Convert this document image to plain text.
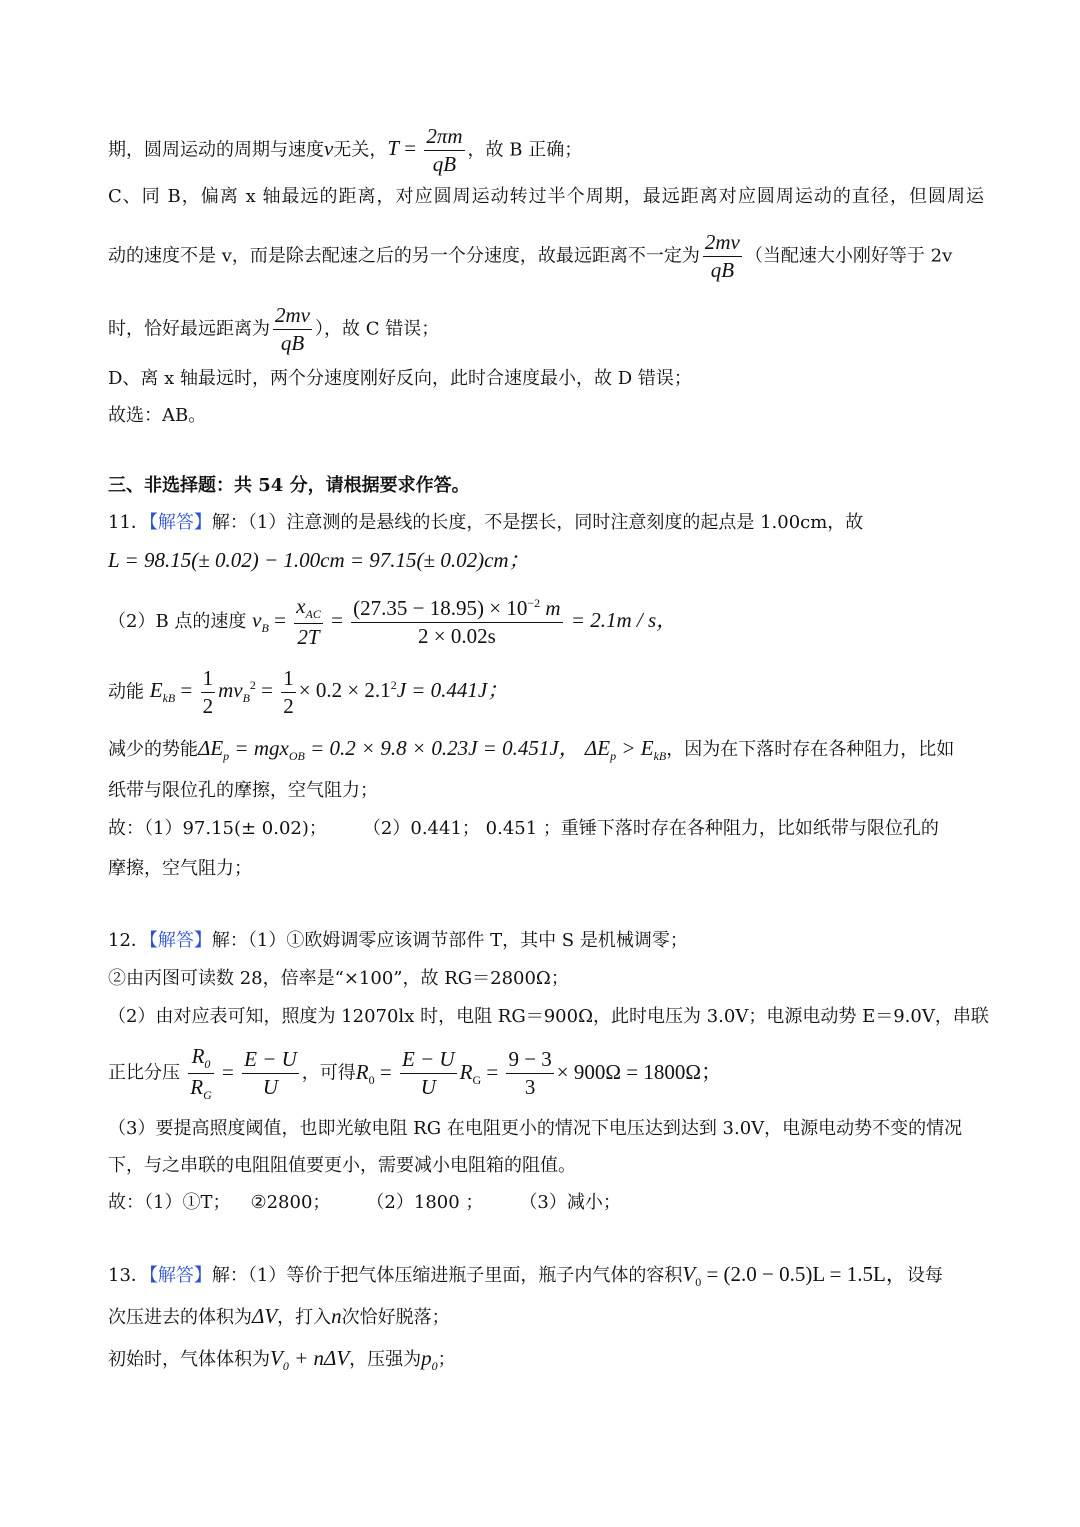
期，圆周运动的周期与速度v无关，$T = \frac{2\pi m}{qB}$ ，故 B 正确；
C、同 B，偏离 x 轴最远的距离，对应圆周运动转过半个周期，最远距离对应圆周运动的直径，但圆周运
动的速度不是 v，而是除去配速之后的另一个分速度，故最远距离不一定为 $\frac{2mv}{qB}$ （当配速大小刚好等于 2v
时，恰好最远距离为 $\frac{2mv}{qB}$ ），故 C 错误；
D、离 x 轴最远时，两个分速度刚好反向，此时合速度最小，故 D 错误；
故选：AB。
三、非选择题：共 54 分，请根据要求作答。
11．【解答】解：（1）注意测的是悬线的长度，不是摆长，同时注意刻度的起点是 1.00cm，故
L = 98.15(± 0.02) − 1.00cm = 97.15(± 0.02)cm；
（2）B 点的速度 $v_B = \frac{x_{AC}}{2T} = \frac{(27.35 - 18.95) \times 10^{-2} m}{2 \times 0.02s} = 2.1m / s$，
动能 $E_{kB} = \frac{1}{2} mv_B^2 = \frac{1}{2} \times 0.2 \times 2.1^2J = 0.441J$；
减少的势能$\Delta E_p = mgx_{OB} = 0.2 \times 9.8 \times 0.23J = 0.451J$， $\Delta E_p > E_{kB}$，因为在下落时存在各种阻力，比如
纸带与限位孔的摩擦，空气阻力；
故：（1）97.15(± 0.02)； （2）0.441； 0.451 ；重锤下落时存在各种阻力，比如纸带与限位孔的
摩擦，空气阻力；
12．【解答】解：（1）①欧姆调零应该调节部件 T，其中 S 是机械调零；
②由丙图可读数 28，倍率是“×100”，故 RG＝2800Ω；
（2）由对应表可知，照度为 12070lx 时，电阻 RG＝900Ω，此时电压为 3.0V；电源电动势 E＝9.0V，串联
正比分压 $\frac{R_0}{R_G} = \frac{E - U}{U}$ ，可得$R_0 = \frac{E - U}{U} R_G = \frac{9 - 3}{3} \times 900\Omega = 1800\Omega$；
（3）要提高照度阈值，也即光敏电阻 RG 在电阻更小的情况下电压达到达到 3.0V，电源电动势不变的情况
下，与之串联的电阻阻值要更小，需要减小电阻箱的阻值。
故：（1）①T； ②2800； （2）1800 ； （3）减小；
13．【解答】解：（1）等价于把气体压缩进瓶子里面，瓶子内气体的容积$V_0 = (2.0 - 0.5)L = 1.5L$，设每
次压进去的体积为ΔV，打入n次恰好脱落；
初始时，气体体积为$V_0 + n\Delta V$，压强为$p_0$；
